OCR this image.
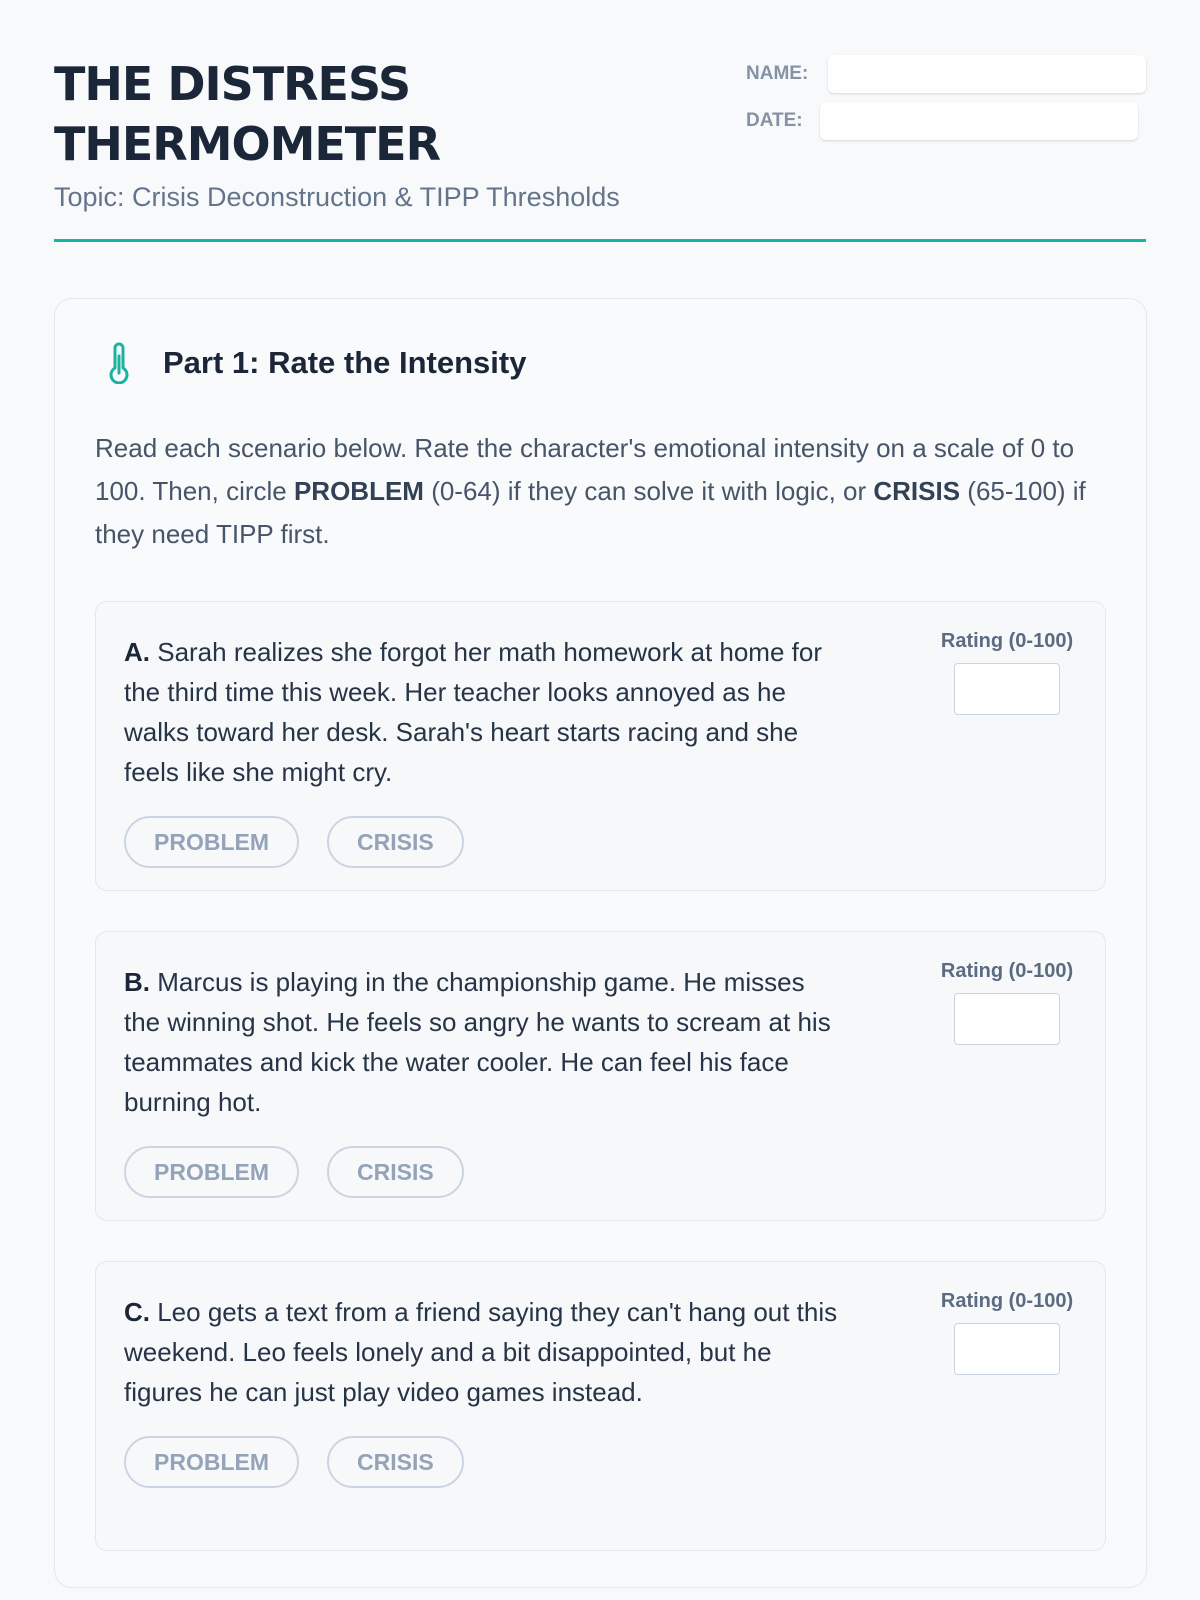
THE DISTRESS
THERMOMETER
Topic: Crisis Deconstruction & TIPP Thresholds
NAME:
DATE:
Part 1: Rate the Intensity

Read each scenario below. Rate the character's emotional intensity on a scale of 0 to 100. Then, circle PROBLEM (0-64) if they can solve it with logic, or CRISIS (65-100) if they need TIPP first.

A. Sarah realizes she forgot her math homework at home for the third time this week. Her teacher looks annoyed as he walks toward her desk. Sarah's heart starts racing and she feels like she might cry.

Rating (0-100)
PROBLEM	CRISIS

B. Marcus is playing in the championship game. He misses the winning shot. He feels so angry he wants to scream at his teammates and kick the water cooler. He can feel his face burning hot.

Rating (0-100)
PROBLEM	CRISIS

C. Leo gets a text from a friend saying they can't hang out this weekend. Leo feels lonely and a bit disappointed, but he figures he can just play video games instead.

Rating (0-100)
PROBLEM	CRISIS
